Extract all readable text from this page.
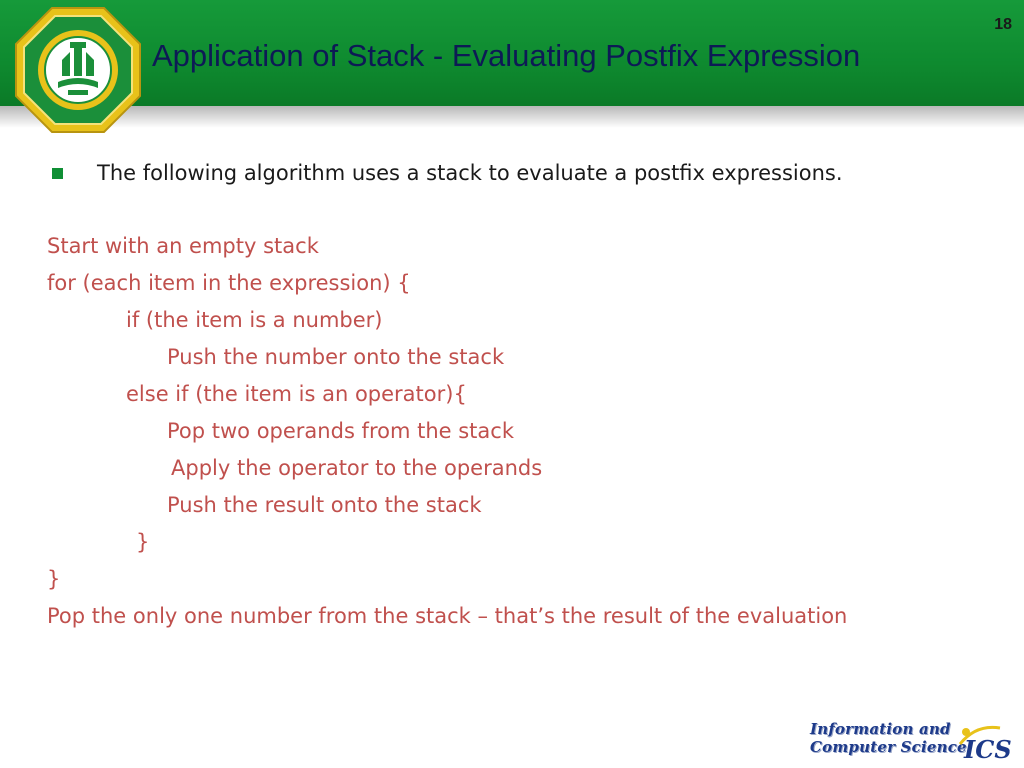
18
Application of Stack - Evaluating Postfix Expression
The following algorithm uses a stack to evaluate a postfix expressions.
Start with an empty stack
for (each item in the expression) {
if (the item is a number)
Push the number onto the stack
else if (the item is an operator){
Pop two operands from the stack
Apply the operator to the operands
Push the result onto the stack
}
}
Pop the only one number from the stack – that’s the result of the evaluation
Information and
Computer Science
ICS
